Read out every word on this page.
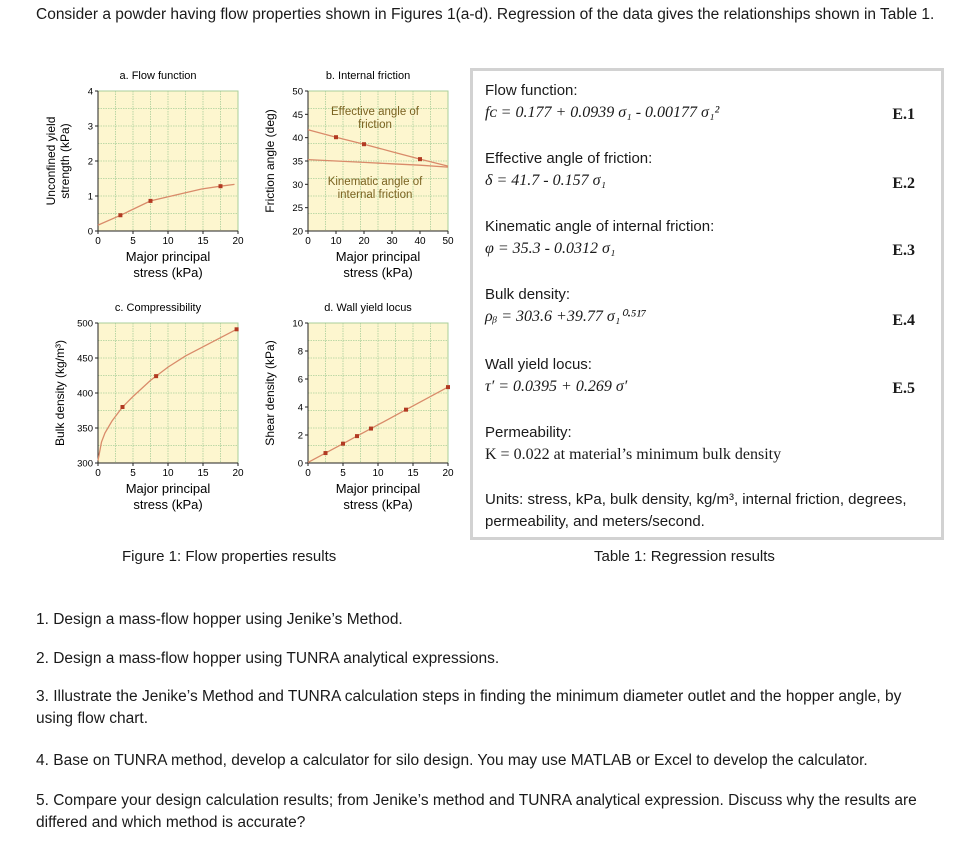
Consider a powder having flow properties shown in Figures 1(a-d). Regression of the data gives the relationships shown in Table 1.
a. Flow function
0	5	10 15 20
0
1
2
3
4
Major principal
stress (kPa)
Unconfined yield strength (kPa)
b. Internal friction
0 10 20 30 40 50
20
25
30
35
40
45
50
Major principal
stress (kPa)
Friction angle (deg)	Effective angle of
friction
Kinematic angle of
internal friction
c. Compressibility
0	5	10 15 20
300
350
400
450
500
Major principal
stress (kPa)
Bulk density (kg/m³)
d. Wall yield locus
0	5	10 15 20
0
2
4
6
8
10
Major principal
stress (kPa)
Shear density (kPa)
Figure 1: Flow properties results
Flow function:
fᴄ = 0.177 + 0.0939 σ₁ - 0.00177 σ₁²	E.1
Effective angle of friction:
δ = 41.7 - 0.157 σ₁	E.2
Kinematic angle of internal friction:
φ = 35.3 - 0.0312 σ₁	E.3
Bulk density:
ρᵦ = 303.6 +39.77 σ₁⁰·⁵¹⁷	E.4
Wall yield locus:
τ′ = 0.0395 + 0.269 σ′	E.5
Permeability:
K = 0.022 at material’s minimum bulk density
Units: stress, kPa, bulk density, kg/m³, internal friction, degrees, permeability, and meters/second.
Table 1: Regression results
1. Design a mass-flow hopper using Jenike’s Method.
2. Design a mass-flow hopper using TUNRA analytical expressions.
3. Illustrate the Jenike’s Method and TUNRA calculation steps in finding the minimum diameter outlet and the hopper angle, by using flow chart.
4. Base on TUNRA method, develop a calculator for silo design. You may use MATLAB or Excel to develop the calculator.
5. Compare your design calculation results; from Jenike’s method and TUNRA analytical expression. Discuss why the results are differed and which method is accurate?
